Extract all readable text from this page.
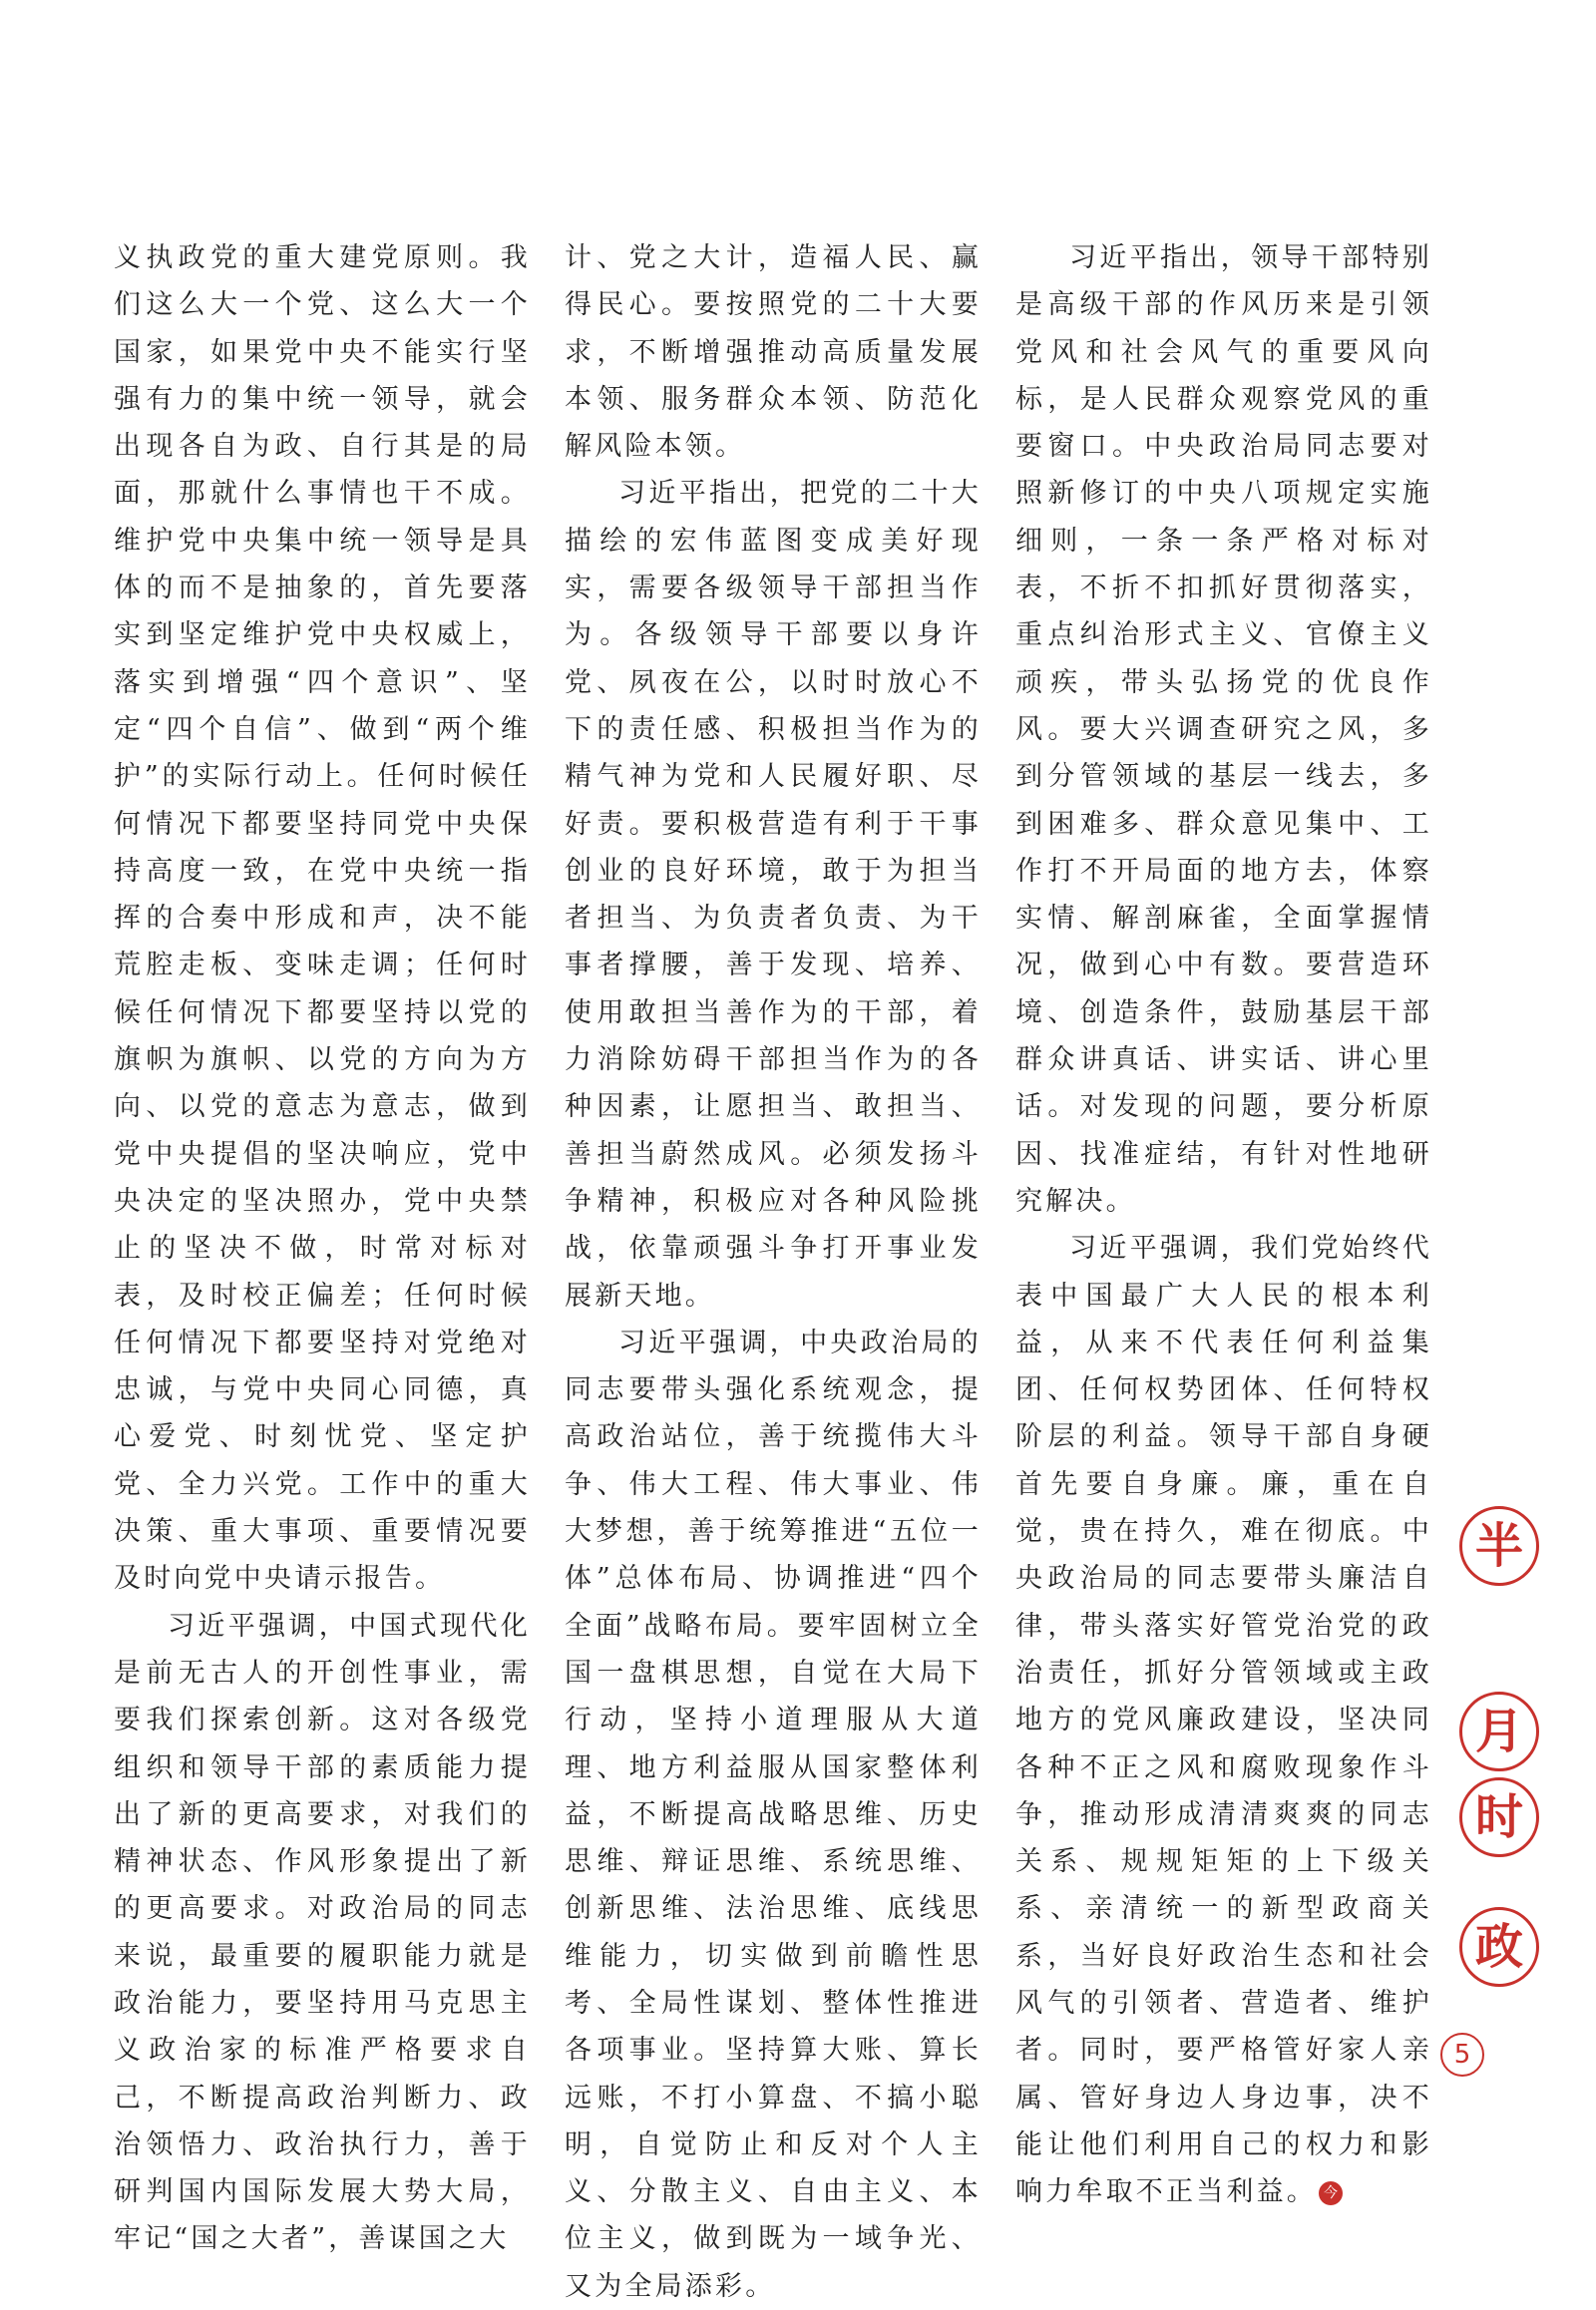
义执政党的重大建党原则。我们这么大一个党、这么大一个国家，如果党中央不能实行坚强有力的集中统一领导，就会出现各自为政、自行其是的局面，那就什么事情也干不成。维护党中央集中统一领导是具体的而不是抽象的，首先要落实到坚定维护党中央权威上，落实到增强“四个意识”、坚定“四个自信”、做到“两个维护”的实际行动上。任何时候任何情况下都要坚持同党中央保持高度一致，在党中央统一指挥的合奏中形成和声，决不能荒腔走板、变味走调；任何时候任何情况下都要坚持以党的旗帜为旗帜、以党的方向为方向、以党的意志为意志，做到党中央提倡的坚决响应，党中央决定的坚决照办，党中央禁止的坚决不做，时常对标对表，及时校正偏差；任何时候任何情况下都要坚持对党绝对忠诚，与党中央同心同德，真心爱党、时刻忧党、坚定护党、全力兴党。工作中的重大决策、重大事项、重要情况要及时向党中央请示报告。

习近平强调，中国式现代化是前无古人的开创性事业，需要我们探索创新。这对各级党组织和领导干部的素质能力提出了新的更高要求，对我们的精神状态、作风形象提出了新的更高要求。对政治局的同志来说，最重要的履职能力就是政治能力，要坚持用马克思主义政治家的标准严格要求自己，不断提高政治判断力、政治领悟力、政治执行力，善于研判国内国际发展大势大局，牢记“国之大者”，善谋国之大

计、党之大计，造福人民、赢得民心。要按照党的二十大要求，不断增强推动高质量发展本领、服务群众本领、防范化解风险本领。

习近平指出，把党的二十大描绘的宏伟蓝图变成美好现实，需要各级领导干部担当作为。各级领导干部要以身许党、夙夜在公，以时时放心不下的责任感、积极担当作为的精气神为党和人民履好职、尽好责。要积极营造有利于干事创业的良好环境，敢于为担当者担当、为负责者负责、为干事者撑腰，善于发现、培养、使用敢担当善作为的干部，着力消除妨碍干部担当作为的各种因素，让愿担当、敢担当、善担当蔚然成风。必须发扬斗争精神，积极应对各种风险挑战，依靠顽强斗争打开事业发展新天地。

习近平强调，中央政治局的同志要带头强化系统观念，提高政治站位，善于统揽伟大斗争、伟大工程、伟大事业、伟大梦想，善于统筹推进“五位一体”总体布局、协调推进“四个全面”战略布局。要牢固树立全国一盘棋思想，自觉在大局下行动，坚持小道理服从大道理、地方利益服从国家整体利益，不断提高战略思维、历史思维、辩证思维、系统思维、创新思维、法治思维、底线思维能力，切实做到前瞻性思考、全局性谋划、整体性推进各项事业。坚持算大账、算长远账，不打小算盘、不搞小聪明，自觉防止和反对个人主义、分散主义、自由主义、本位主义，做到既为一域争光、又为全局添彩。

习近平指出，领导干部特别是高级干部的作风历来是引领党风和社会风气的重要风向标，是人民群众观察党风的重要窗口。中央政治局同志要对照新修订的中央八项规定实施细则，一条一条严格对标对表，不折不扣抓好贯彻落实，重点纠治形式主义、官僚主义顽疾，带头弘扬党的优良作风。要大兴调查研究之风，多到分管领域的基层一线去，多到困难多、群众意见集中、工作打不开局面的地方去，体察实情、解剖麻雀，全面掌握情况，做到心中有数。要营造环境、创造条件，鼓励基层干部群众讲真话、讲实话、讲心里话。对发现的问题，要分析原因、找准症结，有针对性地研究解决。

习近平强调，我们党始终代表中国最广大人民的根本利益，从来不代表任何利益集团、任何权势团体、任何特权阶层的利益。领导干部自身硬首先要自身廉。廉，重在自觉，贵在持久，难在彻底。中央政治局的同志要带头廉洁自律，带头落实好管党治党的政治责任，抓好分管领域或主政地方的党风廉政建设，坚决同各种不正之风和腐败现象作斗争，推动形成清清爽爽的同志关系、规规矩矩的上下级关系、亲清统一的新型政商关系，当好良好政治生态和社会风气的引领者、营造者、维护者。同时，要严格管好家人亲属、管好身边人身边事，决不能让他们利用自己的权力和影响力牟取不正当利益。 今

半
月
时
政
5
